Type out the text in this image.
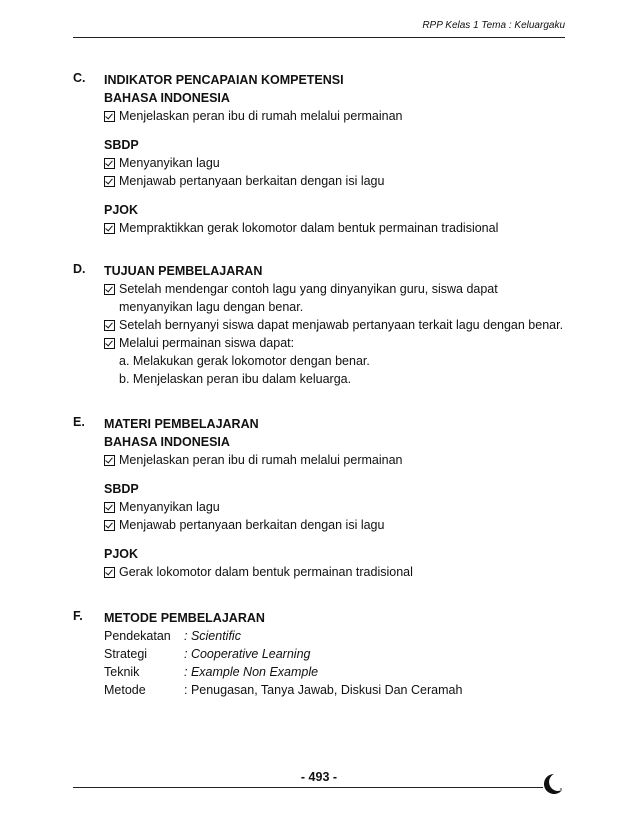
RPP Kelas 1 Tema : Keluargaku
C. INDIKATOR PENCAPAIAN KOMPETENSI
BAHASA INDONESIA
Menjelaskan peran ibu di rumah melalui permainan
SBDP
Menyanyikan lagu
Menjawab pertanyaan berkaitan dengan isi lagu
PJOK
Mempraktikkan gerak lokomotor dalam bentuk permainan tradisional
D. TUJUAN PEMBELAJARAN
Setelah mendengar contoh lagu yang dinyanyikan guru, siswa dapat menyanyikan lagu dengan benar.
Setelah bernyanyi siswa dapat menjawab pertanyaan terkait lagu dengan benar.
Melalui permainan siswa dapat:
a. Melakukan gerak lokomotor dengan benar.
b. Menjelaskan peran ibu dalam keluarga.
E. MATERI PEMBELAJARAN
BAHASA INDONESIA
Menjelaskan peran ibu di rumah melalui permainan
SBDP
Menyanyikan lagu
Menjawab pertanyaan berkaitan dengan isi lagu
PJOK
Gerak lokomotor dalam bentuk permainan tradisional
F. METODE PEMBELAJARAN
Pendekatan	: Scientific
Strategi	: Cooperative Learning
Teknik	: Example Non Example
Metode	: Penugasan, Tanya Jawab, Diskusi Dan Ceramah
- 493 -
